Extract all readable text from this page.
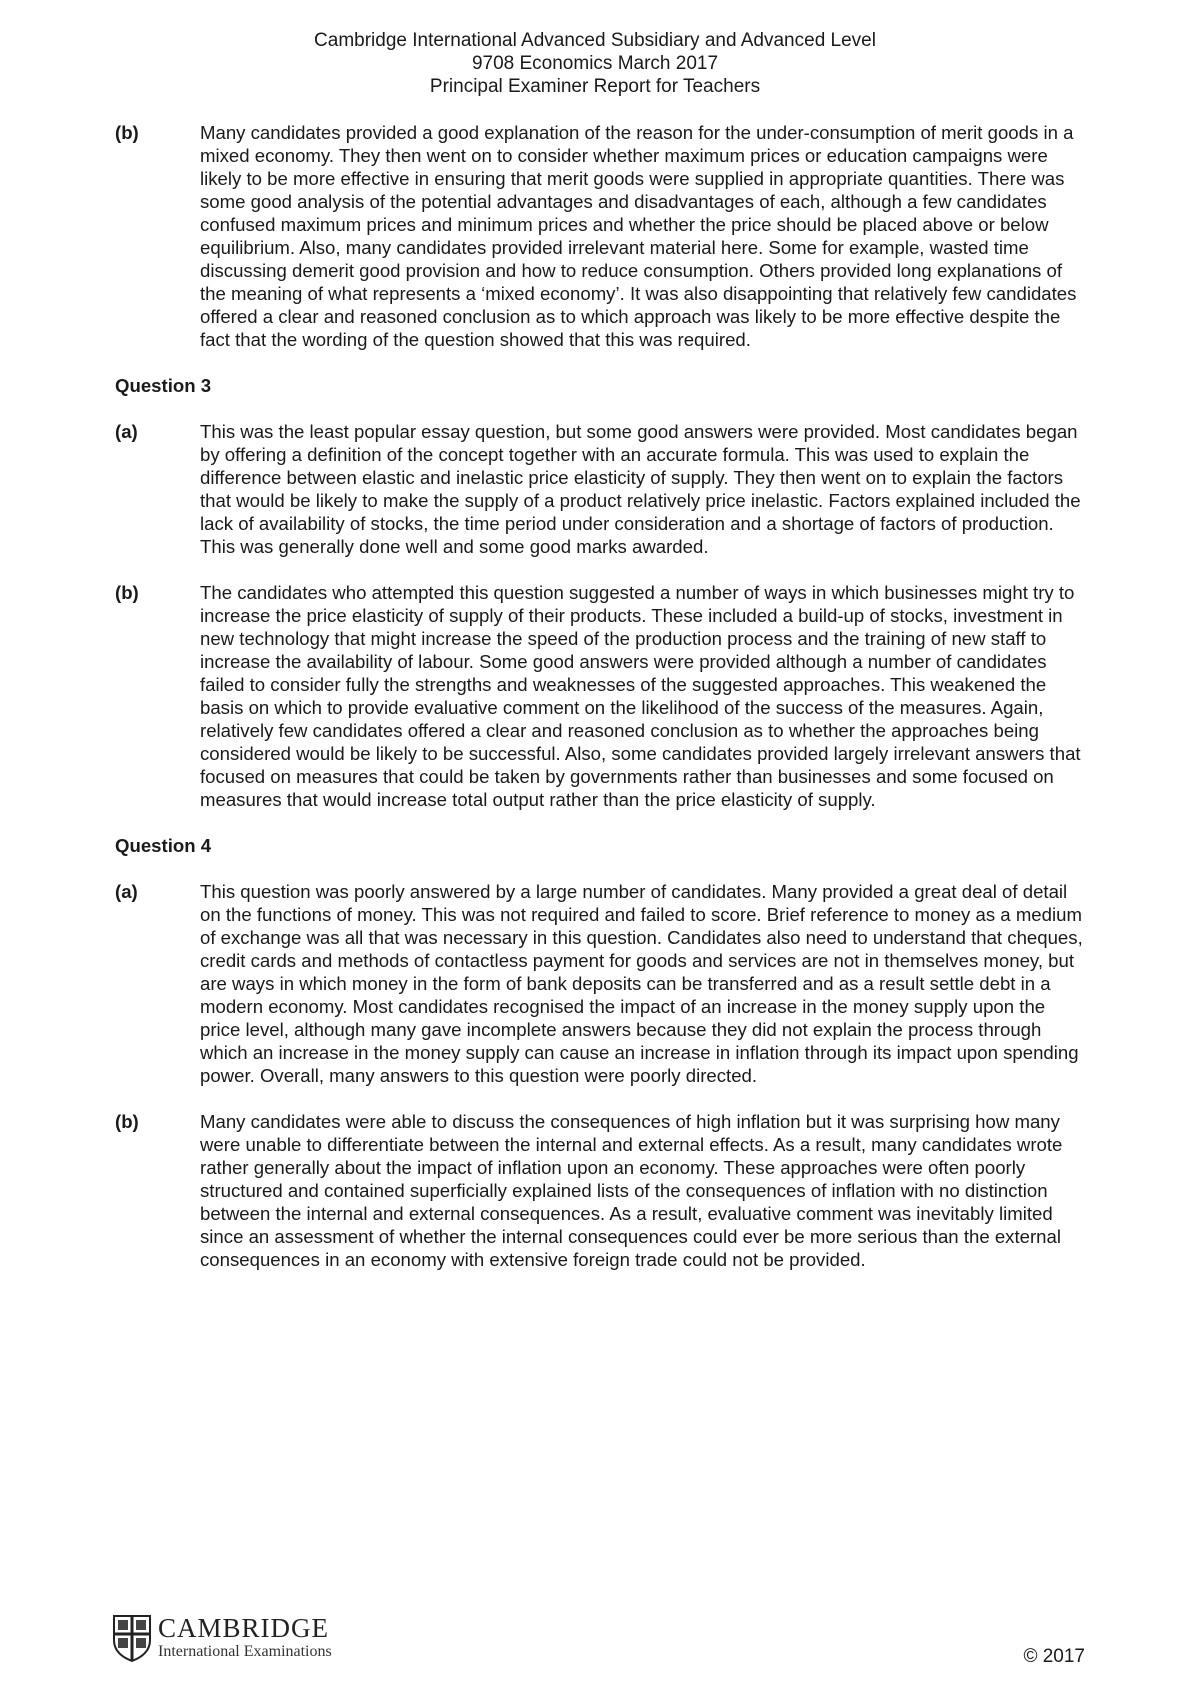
Cambridge International Advanced Subsidiary and Advanced Level
9708 Economics March 2017
Principal Examiner Report for Teachers
(b)	Many candidates provided a good explanation of the reason for the under-consumption of merit goods in a mixed economy. They then went on to consider whether maximum prices or education campaigns were likely to be more effective in ensuring that merit goods were supplied in appropriate quantities. There was some good analysis of the potential advantages and disadvantages of each, although a few candidates confused maximum prices and minimum prices and whether the price should be placed above or below equilibrium. Also, many candidates provided irrelevant material here. Some for example, wasted time discussing demerit good provision and how to reduce consumption. Others provided long explanations of the meaning of what represents a ‘mixed economy’. It was also disappointing that relatively few candidates offered a clear and reasoned conclusion as to which approach was likely to be more effective despite the fact that the wording of the question showed that this was required.

Question 3

(a)	This was the least popular essay question, but some good answers were provided. Most candidates began by offering a definition of the concept together with an accurate formula. This was used to explain the difference between elastic and inelastic price elasticity of supply. They then went on to explain the factors that would be likely to make the supply of a product relatively price inelastic. Factors explained included the lack of availability of stocks, the time period under consideration and a shortage of factors of production. This was generally done well and some good marks awarded.

(b)	The candidates who attempted this question suggested a number of ways in which businesses might try to increase the price elasticity of supply of their products. These included a build-up of stocks, investment in new technology that might increase the speed of the production process and the training of new staff to increase the availability of labour. Some good answers were provided although a number of candidates failed to consider fully the strengths and weaknesses of the suggested approaches. This weakened the basis on which to provide evaluative comment on the likelihood of the success of the measures. Again, relatively few candidates offered a clear and reasoned conclusion as to whether the approaches being considered would be likely to be successful. Also, some candidates provided largely irrelevant answers that focused on measures that could be taken by governments rather than businesses and some focused on measures that would increase total output rather than the price elasticity of supply.

Question 4

(a)	This question was poorly answered by a large number of candidates. Many provided a great deal of detail on the functions of money. This was not required and failed to score. Brief reference to money as a medium of exchange was all that was necessary in this question. Candidates also need to understand that cheques, credit cards and methods of contactless payment for goods and services are not in themselves money, but are ways in which money in the form of bank deposits can be transferred and as a result settle debt in a modern economy. Most candidates recognised the impact of an increase in the money supply upon the price level, although many gave incomplete answers because they did not explain the process through which an increase in the money supply can cause an increase in inflation through its impact upon spending power. Overall, many answers to this question were poorly directed.

(b)	Many candidates were able to discuss the consequences of high inflation but it was surprising how many were unable to differentiate between the internal and external effects. As a result, many candidates wrote rather generally about the impact of inflation upon an economy. These approaches were often poorly structured and contained superficially explained lists of the consequences of inflation with no distinction between the internal and external consequences. As a result, evaluative comment was inevitably limited since an assessment of whether the internal consequences could ever be more serious than the external consequences in an economy with extensive foreign trade could not be provided.

CAMBRIDGE
International Examinations	© 2017
